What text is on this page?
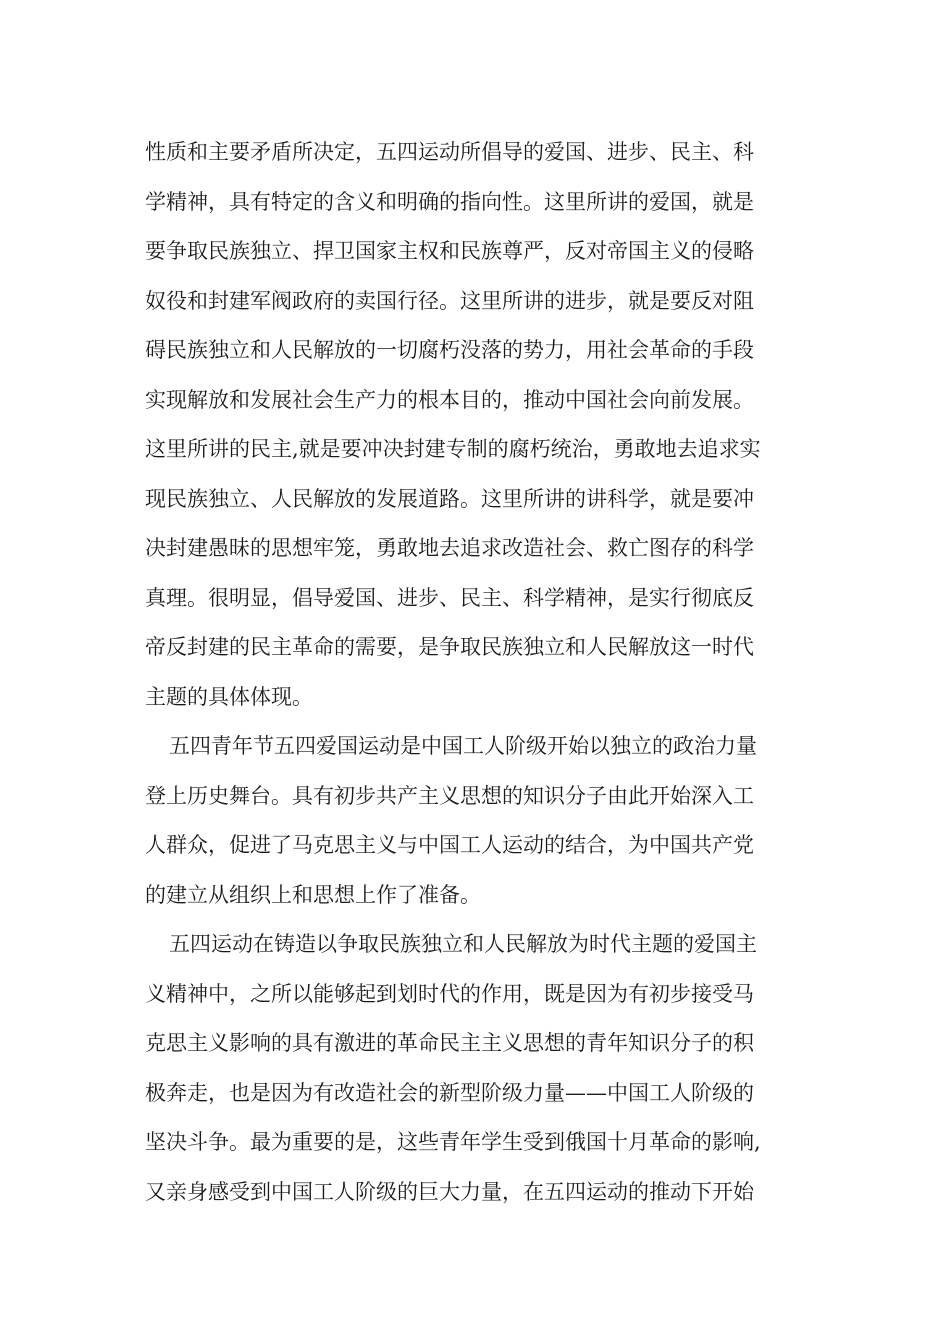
性质和主要矛盾所决定，五四运动所倡导的爱国、进步、民主、科
学精神，具有特定的含义和明确的指向性。这里所讲的爱国，就是
要争取民族独立、捍卫国家主权和民族尊严，反对帝国主义的侵略
奴役和封建军阀政府的卖国行径。这里所讲的进步，就是要反对阻
碍民族独立和人民解放的一切腐朽没落的势力，用社会革命的手段
实现解放和发展社会生产力的根本目的，推动中国社会向前发展。
这里所讲的民主,就是要冲决封建专制的腐朽统治，勇敢地去追求实
现民族独立、人民解放的发展道路。这里所讲的讲科学，就是要冲
决封建愚昧的思想牢笼，勇敢地去追求改造社会、救亡图存的科学
真理。很明显，倡导爱国、进步、民主、科学精神，是实行彻底反
帝反封建的民主革命的需要，是争取民族独立和人民解放这一时代
主题的具体体现。
五四青年节五四爱国运动是中国工人阶级开始以独立的政治力量
登上历史舞台。具有初步共产主义思想的知识分子由此开始深入工
人群众，促进了马克思主义与中国工人运动的结合，为中国共产党
的建立从组织上和思想上作了准备。
五四运动在铸造以争取民族独立和人民解放为时代主题的爱国主
义精神中，之所以能够起到划时代的作用，既是因为有初步接受马
克思主义影响的具有激进的革命民主主义思想的青年知识分子的积
极奔走，也是因为有改造社会的新型阶级力量——中国工人阶级的
坚决斗争。最为重要的是，这些青年学生受到俄国十月革命的影响,
又亲身感受到中国工人阶级的巨大力量，在五四运动的推动下开始
